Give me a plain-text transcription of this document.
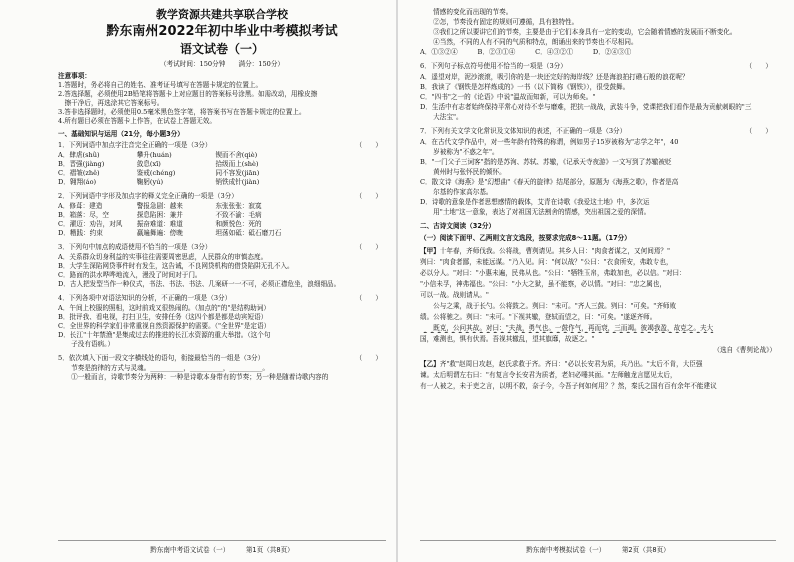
教学资源共建共享联合学校
黔东南州2022年初中毕业中考模拟考试
语文试卷（一）
（考试时间：150分钟　　满分：150分）
注意事项：
1.答题时，务必将自己的姓名、准考证号填写在答题卡规定的位置上。
2.答选择题，必须使用2B铅笔将答题卡上对应题目的答案标号涂黑。如需改动，用橡皮擦
　擦干净后，再选涂其它答案标号。
3.答非选择题时，必须使用0.5毫米黑色签字笔，将答案书写在答题卡规定的位置上。
4.所有题目必须在答题卡上作答，在试卷上答题无效。
一、基础知识与运用（21分，每小题3分）
1．下列词语中加点字注音完全正确的一项是（3分）	（　　）
A．肆虐(shǜ)	攀升(huán)	锲而不舍(qiè)
B．晋强(jiàng)	敛息(xī)	拾级而上(shè)
C．褶皱(zhě)	鉴戒(chéng)	同不容发(jiān)
D．翱翔(áo)	鞠躬(yú)	销铁成针(jiàn)
2．下列词语中字形及加点字的释义完全正确的一项是（3分）	（　　）
A．修葺：建造	警报急剧：越来	东张张张：寂寞
B．箱落：尽，空	探息陷困：兼并	不致不渝：毛病
C．濯迈：劝告，对风 振奋难道：难道	和颜悦色：死的
D．糟践：约束	赢遍舞遍：傍晚	坦荡如砥：砥石磨刀石
3．下列句中加点的成语使用不恰当的一项是（3分）	（　　）
A．关系群众切身利益的实事往往需要周密思虑，人民群众的审慎态度。
B．大学生深陷网贷事件时有发生，这告诫，不良网贷机构的借贷陷阱无孔不入。
C．路面的洪水哗哗地流入，漫没了时间对于门。
D．古人把发型当作一种仪式，书法、书法、书法、几案研一一不可，必须正襟危坐，浪细细品。
4．下列各项中对语法知识的分析，不正确的一项是（3分）	（　　）
A．午间上校服的照相，这时前戏又很热闹的。（加点的"的"是结构助词）
B．批评我、看电视，打扫卫生，安排任务（这四个都是都是动宾短语）
C．全世界的科学家们非常重视自然资源保护的需要。（"全世界"是定语）
D．长江"十年禁渔"是集成过去的推进的长江水资源的重大举措。（这个句
　　子没有语病。）
5．依次填入下面一段文字横线处的语句，衔接最恰当的一组是（3分）	（　　）
　　节奏是韵律的方式与灵魂。__________，__________，__________。
　　①一般而言，诗歌节奏分为两种：一种是诗歌本身带有的节奏；另一种是随着诗歌内容的
黔东南中考语文试卷（一）　　　第1页（共8页）
　　情感的变化而出现的节奏。
　　②怎，节奏没有固定的规则可遵循，具有独特性。
　　③我们之所以要讲它们的节奏，主要是由于它们本身具有一定的变动，它会随着情感的发展而不断变化。
　　④当然，不同的人有不同的气质和特点，朗诵出来的节奏也不尽相同。
A．①③②④　　　B．②③①④　　　C．④③②①　　　D．②④③①
6．下列句子标点符号使用不恰当的一项是（3分）	（　　）
A．遥望对岸，泥沙滚滚，吸引你的是一块还完好的海岸线？还是海浪拍打礁石般的浪花呢？
B．我读了《钢铁是怎样炼成的》一书（以下简称《钢铁》），很受鼓舞。
C．"四书"之一的《论语》中说"温故而知新，可以为师矣。"
D．生活中有志者始终保持平常心对待不幸与磨难，把抗一战战，武装斗争，党课把我们看作是最为贡献刺眼的"三
　　大法宝"。
7．下列有关文学文化常识及文体知识的表述，不正确的一项是（3分）	（　　）
A．在古代文学作品中，对一些年龄有特殊的称谓，例如男子15岁被称为"志学之年"，40
　　岁被称为"不惑之年"。
B．"一门父子三词客"指的是苏洵、苏轼、苏辙，《记承天寺夜游》一文写到了苏辙被贬
　　黄州时与张怀民的倾怀。
C．散文诗《海燕》是"幻想曲"《春天的旋律》结尾部分，原题为《海燕之歌》，作者是高
　　尔基的作家高尔基。
D．诗歌的意象是作者思想感情的载体，艾青在诗歌《我爱这土地》中，多次运
　　用"土地"这一意象，表达了对祖国无法割舍的情感，突出祖国之爱的深情。
二、古诗文阅读（32分）
（一）阅读下面甲、乙两则文言文选段，按要求完成8～11题。（17分）
【甲】十年春，齐师伐我。公将战，曹刿请见。其乡人曰："肉食者谋之，又何间焉？"
刿曰："肉食者鄙，未能远谋。"乃入见。问："何以战？"公曰："衣食所安，弗敢专也，
必以分人。"对曰："小惠未遍，民弗从也。"公曰："牺牲玉帛，弗敢加也，必以信。"对曰：
"小信未孚，神弗福也。"公曰："小大之狱，虽不能察，必以情。"对曰："忠之属也，
可以一战。战则请从。"
　　公与之乘，战于长勺。公将鼓之。刿曰："未可。"齐人三鼓。刿曰："可矣。"齐师败
绩。公将驰之。刿曰："未可。"下视其辙，登轼而望之，曰："可矣。"遂逐齐师。
　　既克，公问其故。对曰："夫战，勇气也。一鼓作气，再而衰，三而竭。彼竭我盈，故克之。夫大
国，难测也，惧有伏焉。吾视其辙乱，望其旗靡，故逐之。"
（选自《曹刿论战》）
【乙】齐"救"赵周日攻赵，赵氏求救于齐。齐曰："必以长安君为质，兵乃出。"太后不肯，大臣强
谏。太后明谓左右曰："有复言令长安君为质者，老妇必唾其面。"左师触龙言愿见太后，
有一人被之，未于吏之言，以明不救，奈子今，今吾子何如何用？？然，秦氏之国有百有余年不能建议
黔东南中考模拟试卷（一）　　　第2页（共8页）
